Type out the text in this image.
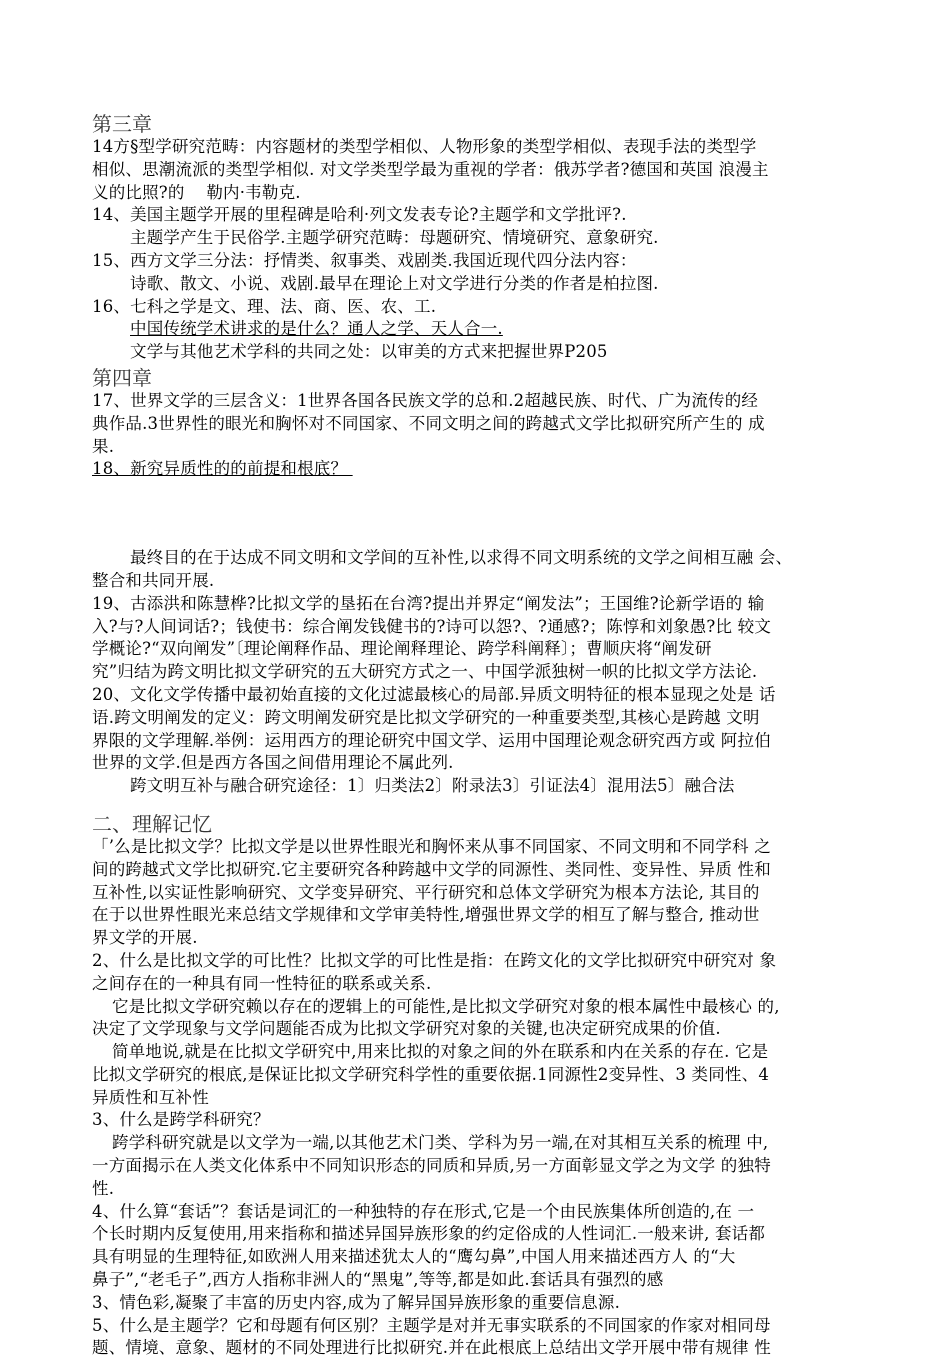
第三章
14方§型学研究范畴：内容题材的类型学相似、人物形象的类型学相似、表现手法的类型学
相似、思潮流派的类型学相似. 对文学类型学最为重视的学者：俄苏学者?德国和英国 浪漫主
义的比照?的    勒内·韦勒克.
14、美国主题学开展的里程碑是哈利·列文发表专论?主题学和文学批评?.
主题学产生于民俗学.主题学研究范畴：母题研究、情境研究、意象研究.
15、西方文学三分法：抒情类、叙事类、戏剧类.我国近现代四分法内容：
诗歌、散文、小说、戏剧.最早在理论上对文学进行分类的作者是柏拉图.
16、七科之学是文、理、法、商、医、农、工.
中国传统学术讲求的是什么？通人之学、天人合一.
文学与其他艺术学科的共同之处：以审美的方式来把握世界P205
第四章
17、世界文学的三层含义：1世界各国各民族文学的总和.2超越民族、时代、广为流传的经
典作品.3世界性的眼光和胸怀对不同国家、不同文明之间的跨越式文学比拟研究所产生的 成
果.
18、新究异质性的的前提和根底？
最终目的在于达成不同文明和文学间的互补性,以求得不同文明系统的文学之间相互融 会、
整合和共同开展.
19、古添洪和陈慧桦?比拟文学的垦拓在台湾?提出并界定“阐发法”；王国维?论新学语的 输
入?与?人间词话?；钱使书：综合阐发钱健书的?诗可以怨?、?通感?；陈惇和刘象愚?比 较文
学概论?“双向阐发”〔理论阐释作品、理论阐释理论、跨学科阐释〕；曹顺庆将“阐发研
究”归结为跨文明比拟文学研究的五大研究方式之一、中国学派独树一帜的比拟文学方法论.
20、文化文学传播中最初始直接的文化过滤最核心的局部.异质文明特征的根本显现之处是 话
语.跨文明阐发的定义：跨文明阐发研究是比拟文学研究的一种重要类型,其核心是跨越 文明
界限的文学理解.举例：运用西方的理论研究中国文学、运用中国理论观念研究西方或 阿拉伯
世界的文学.但是西方各国之间借用理论不属此列.
跨文明互补与融合研究途径：1〕归类法2〕附录法3〕引证法4〕混用法5〕融合法
二、理解记忆
「’么是比拟文学？比拟文学是以世界性眼光和胸怀来从事不同国家、不同文明和不同学科 之
间的跨越式文学比拟研究.它主要研究各种跨越中文学的同源性、类同性、变异性、异质 性和
互补性,以实证性影响研究、文学变异研究、平行研究和总体文学研究为根本方法论, 其目的
在于以世界性眼光来总结文学规律和文学审美特性,增强世界文学的相互了解与整合, 推动世
界文学的开展.
2、什么是比拟文学的可比性？比拟文学的可比性是指：在跨文化的文学比拟研究中研究对 象
之间存在的一种具有同一性特征的联系或关系.
它是比拟文学研究赖以存在的逻辑上的可能性,是比拟文学研究对象的根本属性中最核心 的,
决定了文学现象与文学问题能否成为比拟文学研究对象的关键,也决定研究成果的价值.
简单地说,就是在比拟文学研究中,用来比拟的对象之间的外在联系和内在关系的存在. 它是
比拟文学研究的根底,是保证比拟文学研究科学性的重要依据.1同源性2变异性、3 类同性、4
异质性和互补性
3、什么是跨学科研究？
跨学科研究就是以文学为一端,以其他艺术门类、学科为另一端,在对其相互关系的梳理 中,
一方面揭示在人类文化体系中不同知识形态的同质和异质,另一方面彰显文学之为文学 的独特
性.
4、什么算“套话”？套话是词汇的一种独特的存在形式,它是一个由民族集体所创造的,在 一
个长时期内反复使用,用来指称和描述异国异族形象的约定俗成的人性词汇.一般来讲, 套话都
具有明显的生理特征,如欧洲人用来描述犹太人的“鹰勾鼻”,中国人用来描述西方人 的“大
鼻子”,“老毛子”,西方人指称非洲人的“黑鬼”,等等,都是如此.套话具有强烈的感
3、情色彩,凝聚了丰富的历史内容,成为了解异国异族形象的重要信息源.
5、什么是主题学？它和母题有何区别？主题学是对并无事实联系的不同国家的作家对相同母
题、情境、意象、题材的不同处理进行比拟研究.并在此根底上总结出文学开展中带有规律 性
